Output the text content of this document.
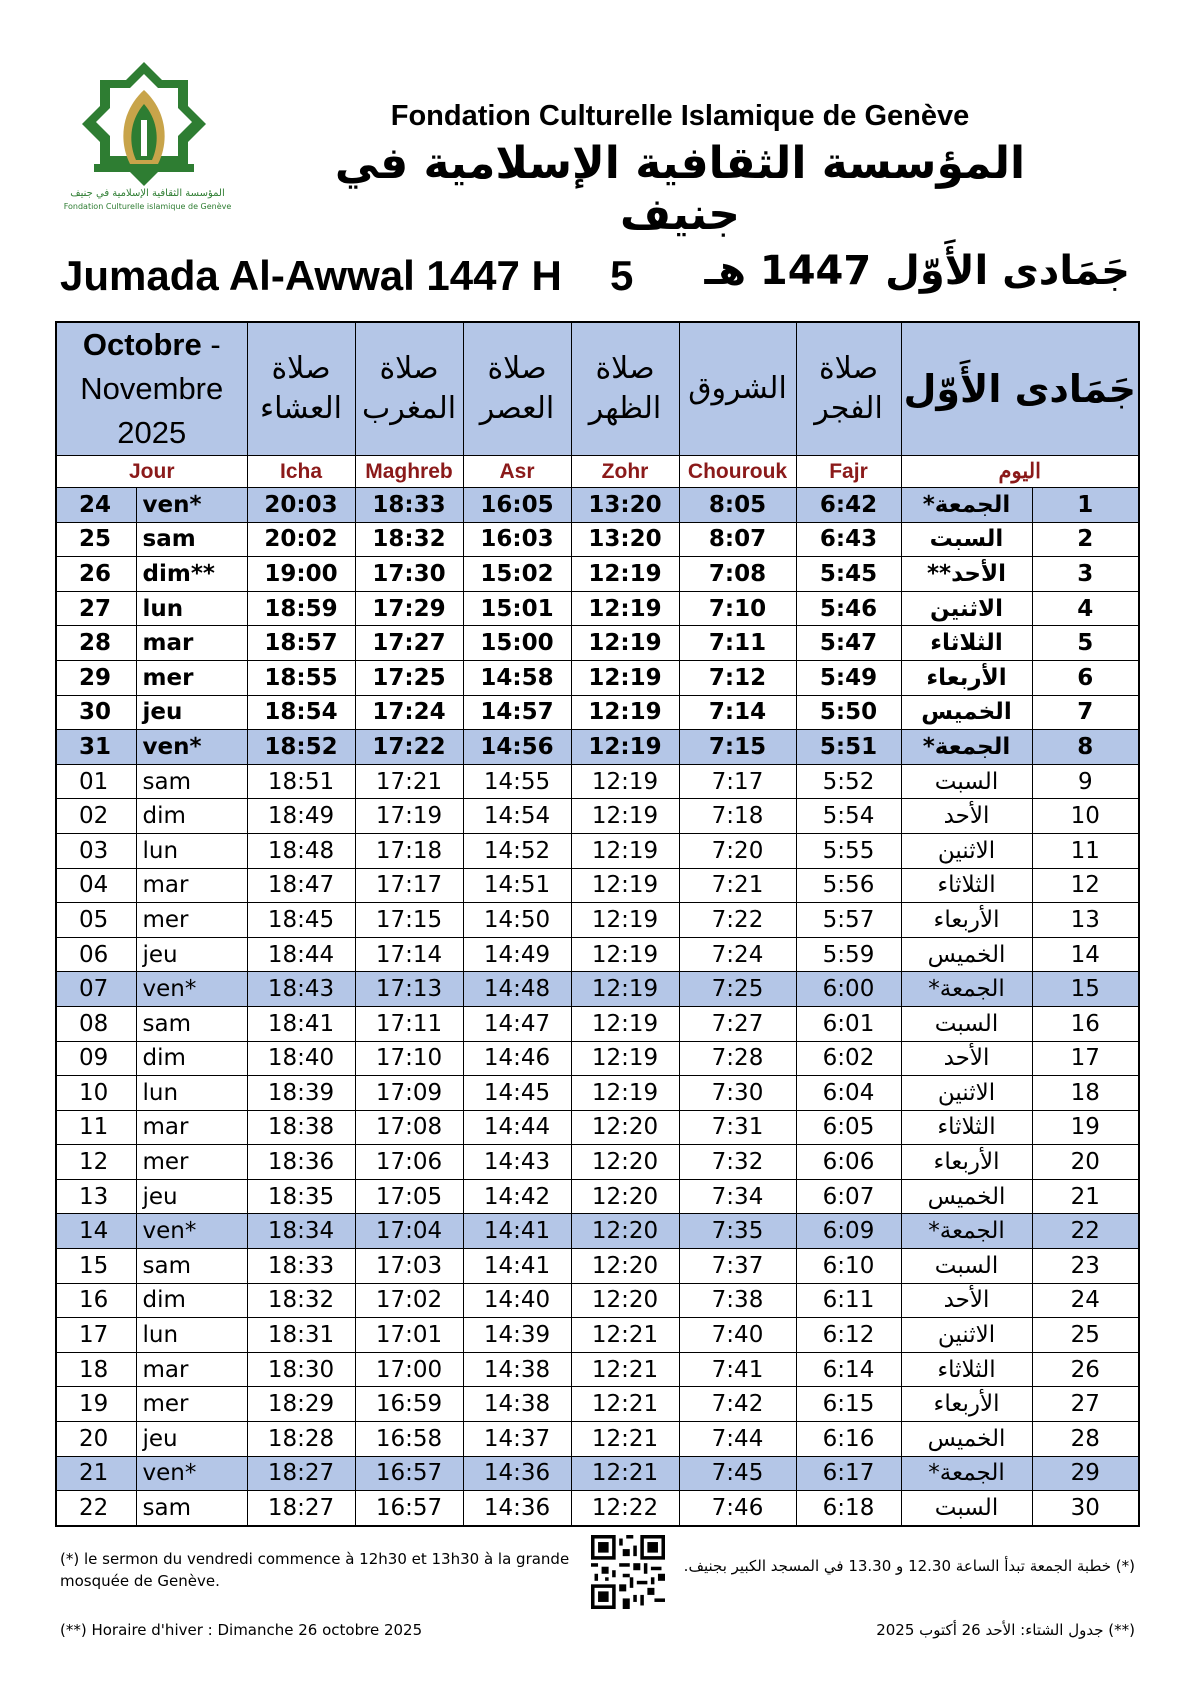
المؤسسة الثقافية الإسلامية في جنيف
Fondation Culturelle islamique de Genève
Fondation Culturelle Islamique de Genève
المؤسسة الثقافية الإسلامية في جنيف
Jumada Al-Awwal 1447 H 5 جَمَادى الأَوّل 1447 هـ
Octobre -
Novembre
2025		صلاة العشاء	صلاة المغرب	صلاة العصر	صلاة الظهر	الشروق	صلاة الفجر	جَمَادى الأَوّل	

Jour		Icha	Maghreb	Asr	Zohr	Chourouk	Fajr	اليوم	
24	ven*	20:03	18:33	16:05	13:20	8:05	6:42	الجمعة*	1
25	sam	20:02	18:32	16:03	13:20	8:07	6:43	السبت	2
26	dim**	19:00	17:30	15:02	12:19	7:08	5:45	الأحد**	3
27	lun	18:59	17:29	15:01	12:19	7:10	5:46	الاثنين	4
28	mar	18:57	17:27	15:00	12:19	7:11	5:47	الثلاثاء	5
29	mer	18:55	17:25	14:58	12:19	7:12	5:49	الأربعاء	6
30	jeu	18:54	17:24	14:57	12:19	7:14	5:50	الخميس	7
31	ven*	18:52	17:22	14:56	12:19	7:15	5:51	الجمعة*	8
01	sam	18:51	17:21	14:55	12:19	7:17	5:52	السبت	9
02	dim	18:49	17:19	14:54	12:19	7:18	5:54	الأحد	10
03	lun	18:48	17:18	14:52	12:19	7:20	5:55	الاثنين	11
04	mar	18:47	17:17	14:51	12:19	7:21	5:56	الثلاثاء	12
05	mer	18:45	17:15	14:50	12:19	7:22	5:57	الأربعاء	13
06	jeu	18:44	17:14	14:49	12:19	7:24	5:59	الخميس	14
07	ven*	18:43	17:13	14:48	12:19	7:25	6:00	الجمعة*	15
08	sam	18:41	17:11	14:47	12:19	7:27	6:01	السبت	16
09	dim	18:40	17:10	14:46	12:19	7:28	6:02	الأحد	17
10	lun	18:39	17:09	14:45	12:19	7:30	6:04	الاثنين	18
11	mar	18:38	17:08	14:44	12:20	7:31	6:05	الثلاثاء	19
12	mer	18:36	17:06	14:43	12:20	7:32	6:06	الأربعاء	20
13	jeu	18:35	17:05	14:42	12:20	7:34	6:07	الخميس	21
14	ven*	18:34	17:04	14:41	12:20	7:35	6:09	الجمعة*	22
15	sam	18:33	17:03	14:41	12:20	7:37	6:10	السبت	23
16	dim	18:32	17:02	14:40	12:20	7:38	6:11	الأحد	24
17	lun	18:31	17:01	14:39	12:21	7:40	6:12	الاثنين	25
18	mar	18:30	17:00	14:38	12:21	7:41	6:14	الثلاثاء	26
19	mer	18:29	16:59	14:38	12:21	7:42	6:15	الأربعاء	27
20	jeu	18:28	16:58	14:37	12:21	7:44	6:16	الخميس	28
21	ven*	18:27	16:57	14:36	12:21	7:45	6:17	الجمعة*	29
22	sam	18:27	16:57	14:36	12:22	7:46	6:18	السبت	30
(*) le sermon du vendredi commence à 12h30 et 13h30 à la grande mosquée de Genève.
(**) Horaire d'hiver : Dimanche 26 octobre 2025
(*) خطبة الجمعة تبدأ الساعة 12.30 و 13.30 في المسجد الكبير بجنيف.
(**) جدول الشتاء: الأحد 26 أكتوب 2025
